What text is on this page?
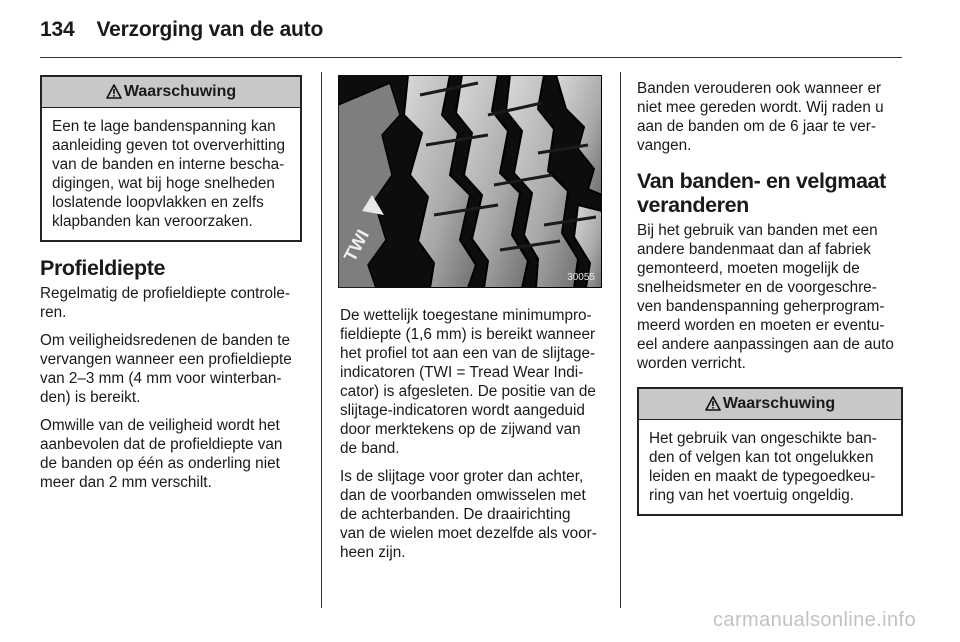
134 Verzorging van de auto
Waarschuwing
Een te lage bandenspanning kan
aanleiding geven tot oververhitting
van de banden en interne bescha-
digingen, wat bij hoge snelheden
loslatende loopvlakken en zelfs
klapbanden kan veroorzaken.
Profieldiepte

Regelmatig de profieldiepte controle-
ren.

Om veiligheidsredenen de banden te
vervangen wanneer een profieldiepte
van 2–3 mm (4 mm voor winterban-
den) is bereikt.

Omwille van de veiligheid wordt het
aanbevolen dat de profieldiepte van
de banden op één as onderling niet
meer dan 2 mm verschilt.

TWI
30055

De wettelijk toegestane minimumpro-
fieldiepte (1,6 mm) is bereikt wanneer
het profiel tot aan een van de slijtage-
indicatoren (TWI = Tread Wear Indi-
cator) is afgesleten. De positie van de
slijtage-indicatoren wordt aangeduid
door merktekens op de zijwand van
de band.

Is de slijtage voor groter dan achter,
dan de voorbanden omwisselen met
de achterbanden. De draairichting
van de wielen moet dezelfde als voor-
heen zijn.

Banden verouderen ook wanneer er
niet mee gereden wordt. Wij raden u
aan de banden om de 6 jaar te ver-
vangen.

Van banden- en velgmaat
veranderen

Bij het gebruik van banden met een
andere bandenmaat dan af fabriek
gemonteerd, moeten mogelijk de
snelheidsmeter en de voorgeschre-
ven bandenspanning geherprogram-
meerd worden en moeten er eventu-
eel andere aanpassingen aan de auto
worden verricht.

Waarschuwing
Het gebruik van ongeschikte ban-
den of velgen kan tot ongelukken
leiden en maakt de typegoedkeu-
ring van het voertuig ongeldig.
carmanualsonline.info
